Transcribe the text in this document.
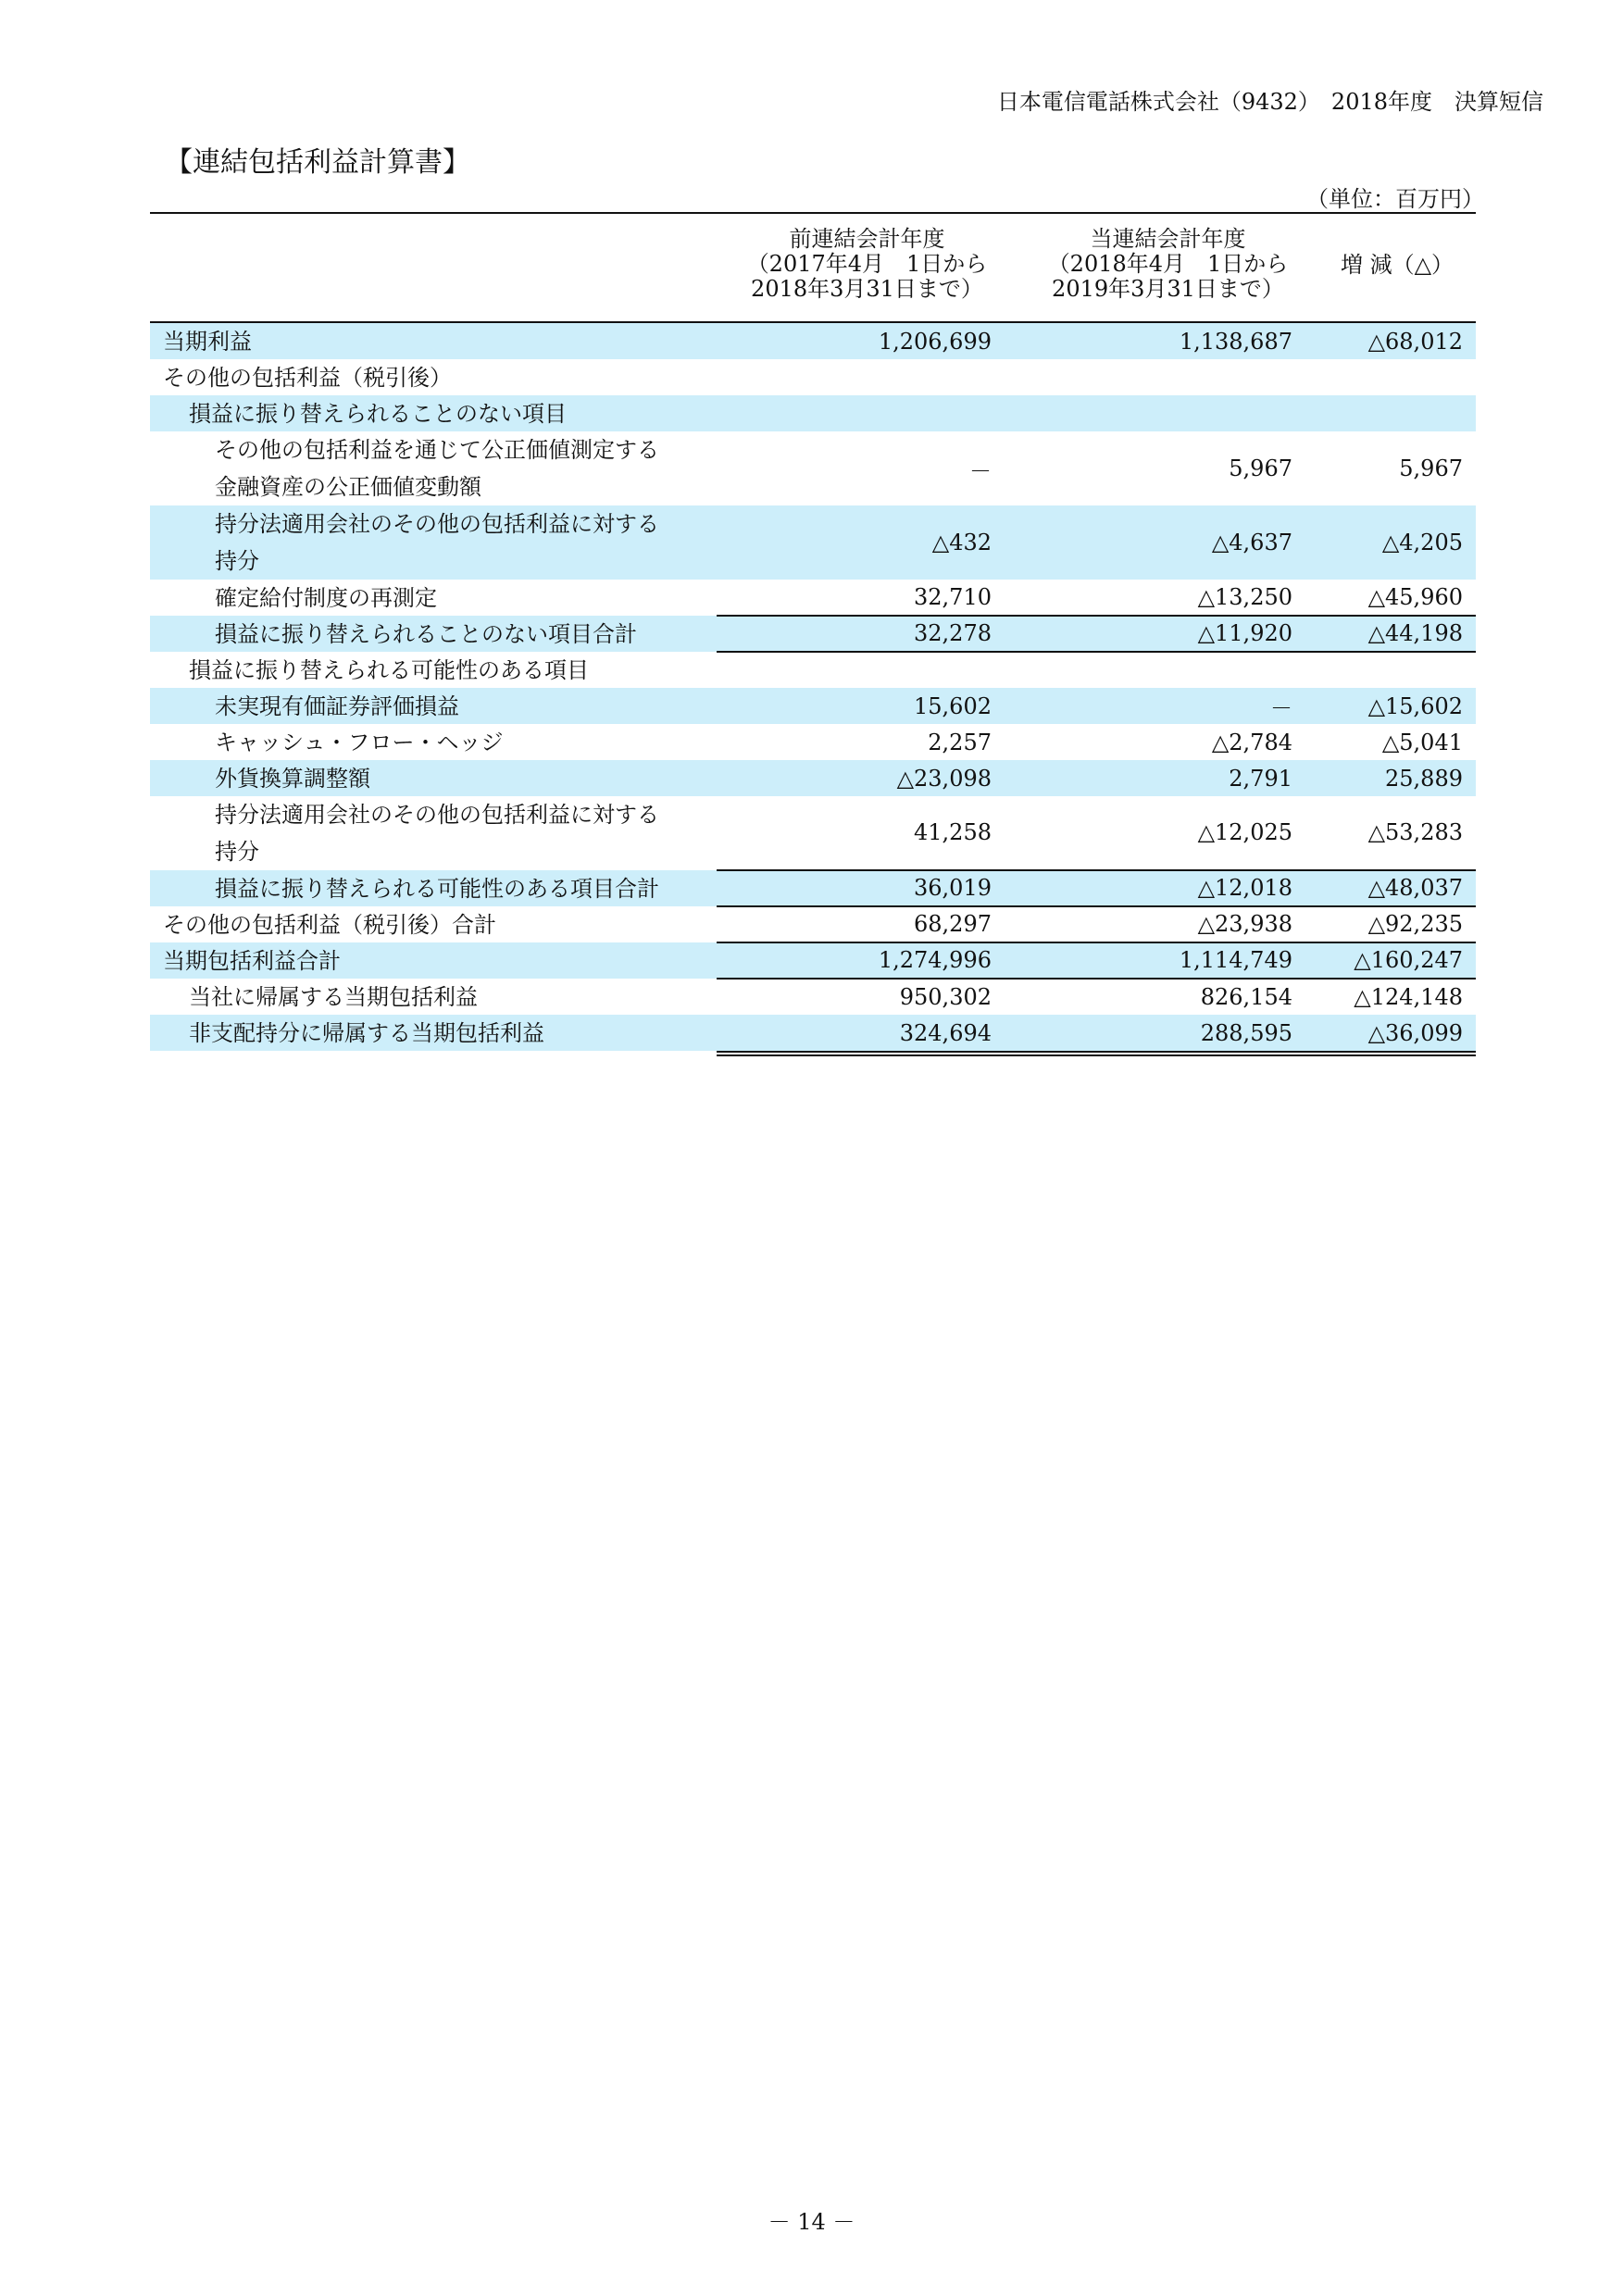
日本電信電話株式会社（9432）　2018年度　決算短信
【連結包括利益計算書】
（単位：百万円）
前連結会計年度
（2017年4月　1日から
2018年3月31日まで）
当連結会計年度
（2018年4月　1日から
2019年3月31日まで）
増 減（△）
当期利益	1,206,699	1,138,687	△68,012
その他の包括利益（税引後）
損益に振り替えられることのない項目
その他の包括利益を通じて公正価値測定する
金融資産の公正価値変動額
－	5,967	5,967
持分法適用会社のその他の包括利益に対する
持分
△432	△4,637	△4,205
確定給付制度の再測定	32,710	△13,250	△45,960
損益に振り替えられることのない項目合計	32,278	△11,920	△44,198
損益に振り替えられる可能性のある項目
未実現有価証券評価損益	15,602	－	△15,602
キャッシュ・フロー・ヘッジ	2,257	△2,784	△5,041
外貨換算調整額	△23,098	2,791	25,889
持分法適用会社のその他の包括利益に対する
持分
41,258	△12,025	△53,283
損益に振り替えられる可能性のある項目合計	36,019	△12,018	△48,037
その他の包括利益（税引後）合計	68,297	△23,938	△92,235
当期包括利益合計	1,274,996	1,114,749	△160,247
当社に帰属する当期包括利益	950,302	826,154	△124,148
非支配持分に帰属する当期包括利益	324,694	288,595	△36,099
－ 14 －
